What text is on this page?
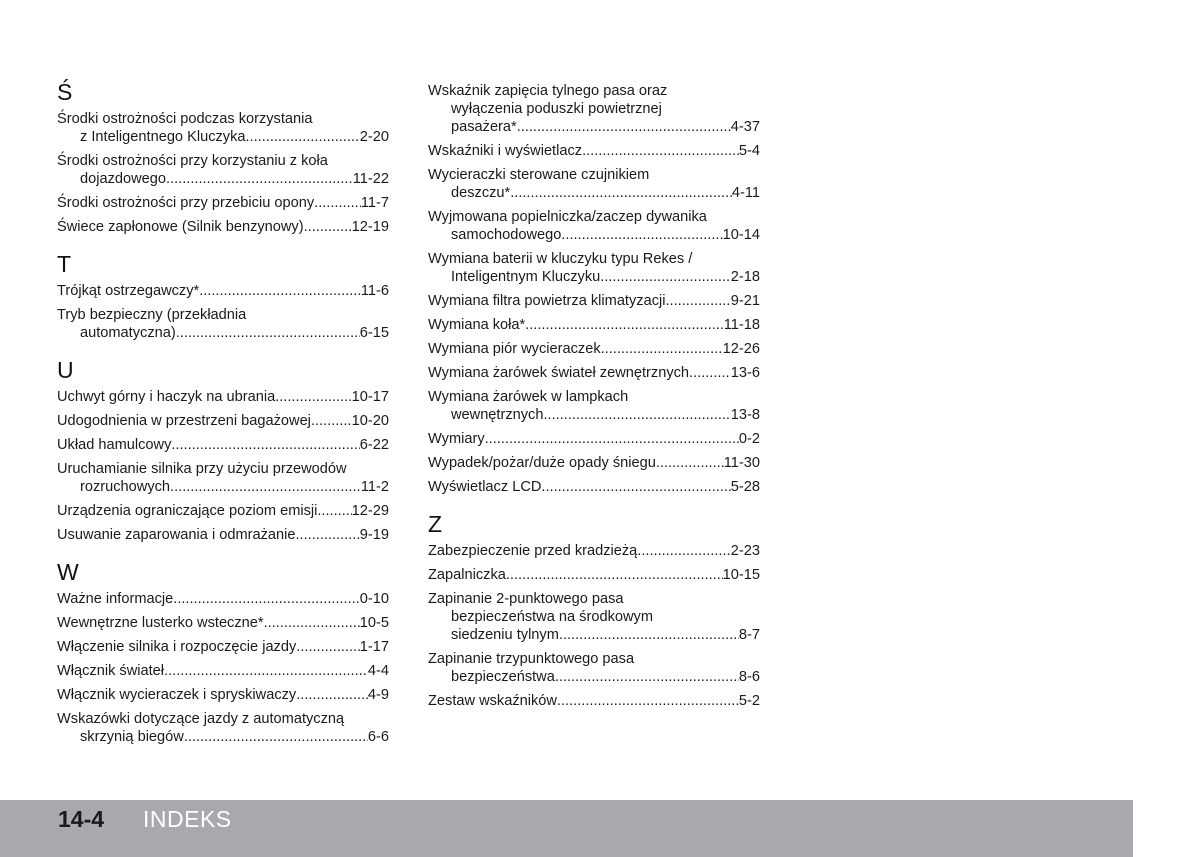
Ś
Środki ostrożności podczas korzystania
z Inteligentnego Kluczyka .....	2-20
Środki ostrożności przy korzystaniu z koła
dojazdowego .....	11-22
Środki ostrożności przy przebiciu opony .....	11-7
Świece zapłonowe (Silnik benzynowy) .....	12-19
T
Trójkąt ostrzegawczy* .....	11-6
Tryb bezpieczny (przekładnia
automatyczna) .....	6-15
U
Uchwyt górny i haczyk na ubrania .....	10-17
Udogodnienia w przestrzeni bagażowej .....	10-20
Układ hamulcowy .....	6-22
Uruchamianie silnika przy użyciu przewodów
rozruchowych .....	11-2
Urządzenia ograniczające poziom emisji ..... 12-29
Usuwanie zaparowania i odmrażanie .....	9-19
W
Ważne informacje .....	0-10
Wewnętrzne lusterko wsteczne* .....	10-5
Włączenie silnika i rozpoczęcie jazdy .....	1-17
Włącznik świateł .....	4-4
Włącznik wycieraczek i spryskiwaczy .....	4-9
Wskazówki dotyczące jazdy z automatyczną
skrzynią biegów .....	6-6
Wskaźnik zapięcia tylnego pasa oraz
wyłączenia poduszki powietrznej
pasażera* .....	4-37
Wskaźniki i wyświetlacz .....	5-4
Wycieraczki sterowane czujnikiem
deszczu* .....	4-11
Wyjmowana popielniczka/zaczep dywanika
samochodowego .....	10-14
Wymiana baterii w kluczyku typu Rekes /
Inteligentnym Kluczyku .....	2-18
Wymiana filtra powietrza klimatyzacji .....	9-21
Wymiana koła* .....	11-18
Wymiana piór wycieraczek .....	12-26
Wymiana żarówek świateł zewnętrznych .....	13-6
Wymiana żarówek w lampkach
wewnętrznych .....	13-8
Wymiary .....	0-2
Wypadek/pożar/duże opady śniegu .....	11-30
Wyświetlacz LCD .....	5-28
Z
Zabezpieczenie przed kradzieżą .....	2-23
Zapalniczka .....	10-15
Zapinanie 2-punktowego pasa
bezpieczeństwa na środkowym
siedzeniu tylnym .....	8-7
Zapinanie trzypunktowego pasa
bezpieczeństwa .....	8-6
Zestaw wskaźników .....	5-2
14-4 INDEKS
